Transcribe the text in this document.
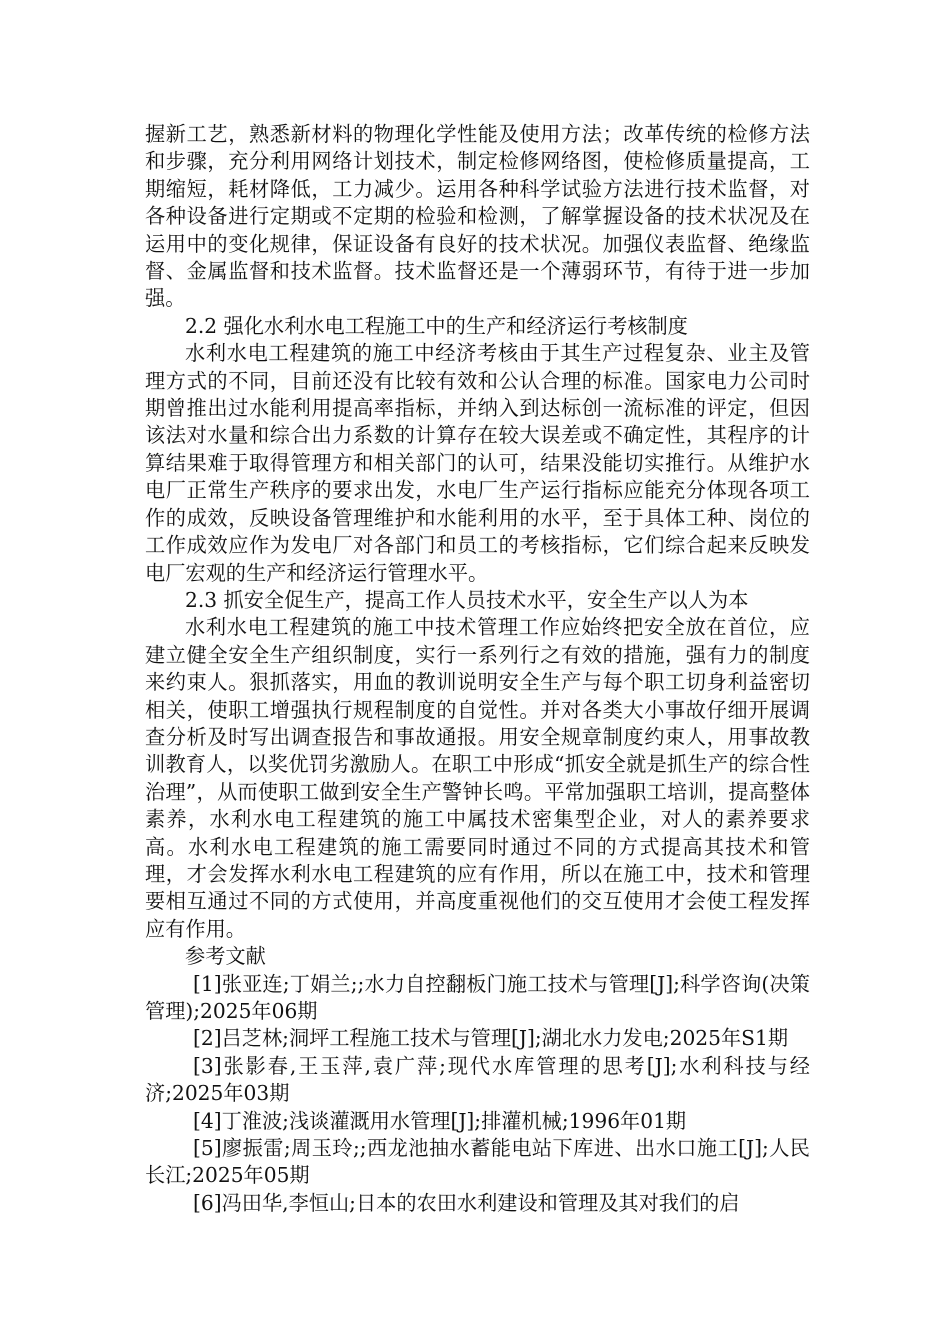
握新工艺，熟悉新材料的物理化学性能及使用方法；改革传统的检修方法和步骤，充分利用网络计划技术，制定检修网络图，使检修质量提高，工期缩短，耗材降低，工力减少。运用各种科学试验方法进行技术监督，对各种设备进行定期或不定期的检验和检测，了解掌握设备的技术状况及在运用中的变化规律，保证设备有良好的技术状况。加强仪表监督、绝缘监督、金属监督和技术监督。技术监督还是一个薄弱环节，有待于进一步加强。

2.2 强化水利水电工程施工中的生产和经济运行考核制度

水利水电工程建筑的施工中经济考核由于其生产过程复杂、业主及管理方式的不同，目前还没有比较有效和公认合理的标准。国家电力公司时期曾推出过水能利用提高率指标，并纳入到达标创一流标准的评定，但因该法对水量和综合出力系数的计算存在较大误差或不确定性，其程序的计算结果难于取得管理方和相关部门的认可，结果没能切实推行。从维护水电厂正常生产秩序的要求出发，水电厂生产运行指标应能充分体现各项工作的成效，反映设备管理维护和水能利用的水平，至于具体工种、岗位的工作成效应作为发电厂对各部门和员工的考核指标，它们综合起来反映发电厂宏观的生产和经济运行管理水平。

2.3 抓安全促生产，提高工作人员技术水平，安全生产以人为本

水利水电工程建筑的施工中技术管理工作应始终把安全放在首位，应建立健全安全生产组织制度，实行一系列行之有效的措施，强有力的制度来约束人。狠抓落实，用血的教训说明安全生产与每个职工切身利益密切相关，使职工增强执行规程制度的自觉性。并对各类大小事故仔细开展调查分析及时写出调查报告和事故通报。用安全规章制度约束人，用事故教训教育人，以奖优罚劣激励人。在职工中形成“抓安全就是抓生产的综合性治理”，从而使职工做到安全生产警钟长鸣。平常加强职工培训，提高整体素养，水利水电工程建筑的施工中属技术密集型企业，对人的素养要求高。水利水电工程建筑的施工需要同时通过不同的方式提高其技术和管理，才会发挥水利水电工程建筑的应有作用，所以在施工中，技术和管理要相互通过不同的方式使用，并高度重视他们的交互使用才会使工程发挥应有作用。

参考文献

[1]张亚连;丁娟兰;;水力自控翻板门施工技术与管理[J];科学咨询(决策管理);2025年06期

[2]吕芝林;洞坪工程施工技术与管理[J];湖北水力发电;2025年S1期

[3]张影春,王玉萍,袁广萍;现代水库管理的思考[J];水利科技与经济;2025年03期

[4]丁淮波;浅谈灌溉用水管理[J];排灌机械;1996年01期

[5]廖振雷;周玉玲;;西龙池抽水蓄能电站下库进、出水口施工[J];人民长江;2025年05期

[6]冯田华,李恒山;日本的农田水利建设和管理及其对我们的启
